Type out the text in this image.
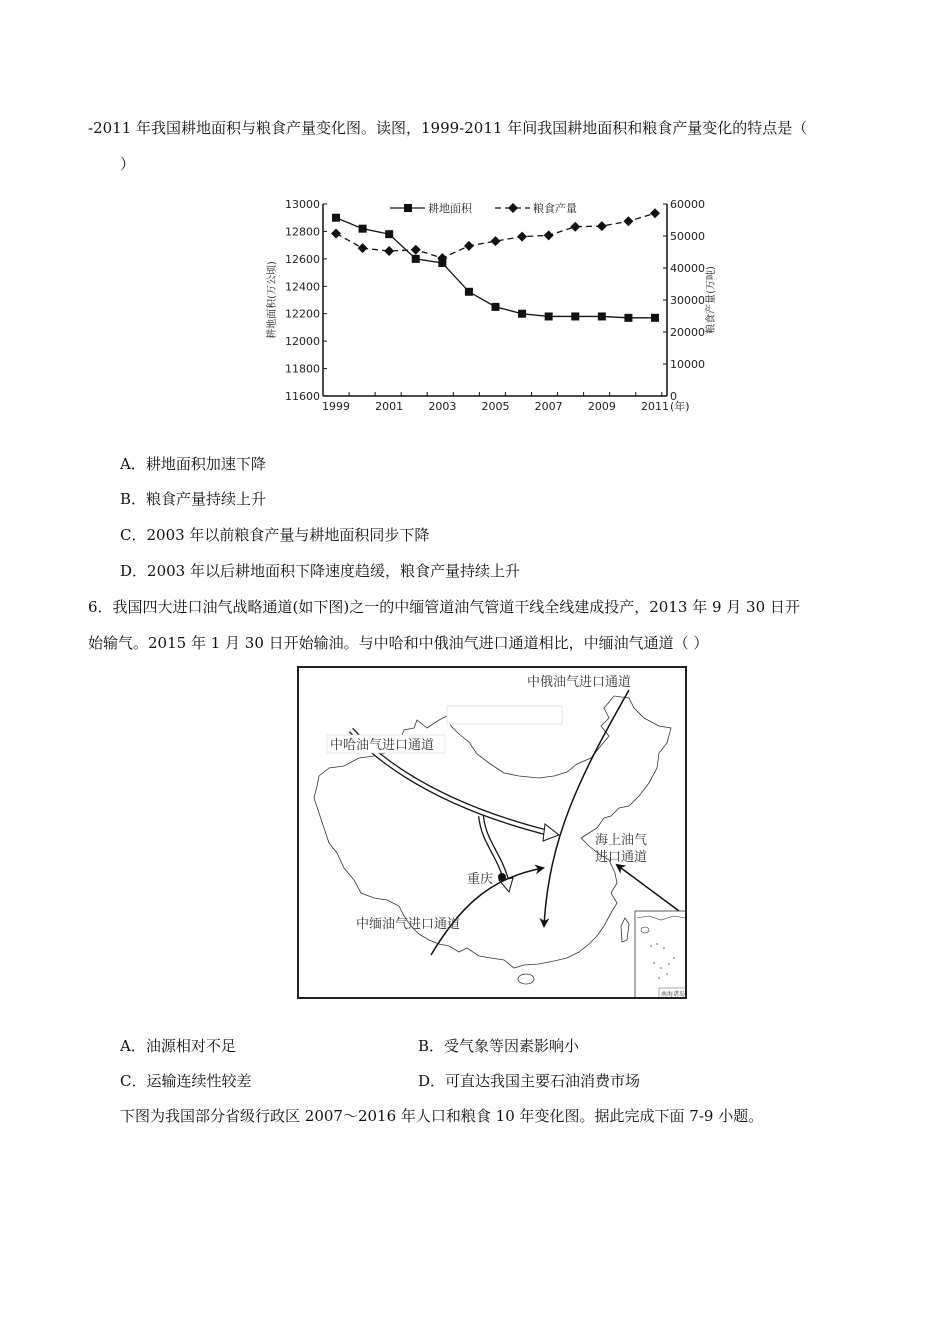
-2011 年我国耕地面积与粮食产量变化图。读图，1999-2011 年间我国耕地面积和粮食产量变化的特点是（
）
11600
11800
12000
12200
12400
12600
12800
13000
0
10000
20000
30000
40000
50000
60000
1999 2001 2003 2005 2007 2009 2011 (年)
耕地面积(万公顷)	粮食产量(万吨)
耕地面积	粮食产量
A．耕地面积加速下降
B．粮食产量持续上升
C．2003 年以前粮食产量与耕地面积同步下降
D．2003 年以后耕地面积下降速度趋缓，粮食产量持续上升
6．我国四大进口油气战略通道(如下图)之一的中缅管道油气管道干线全线建成投产，2013 年 9 月 30 日开
始输气。2015 年 1 月 30 日开始输油。与中哈和中俄油气进口通道相比，中缅油气通道（ ）
南海诸岛
中俄油气进口通道
中哈油气进口通道
海上油气
进口通道
重庆
中缅油气进口通道
A．油源相对不足	B．受气象等因素影响小
C．运输连续性较差	D．可直达我国主要石油消费市场
下图为我国部分省级行政区 2007～2016 年人口和粮食 10 年变化图。据此完成下面 7-9 小题。
